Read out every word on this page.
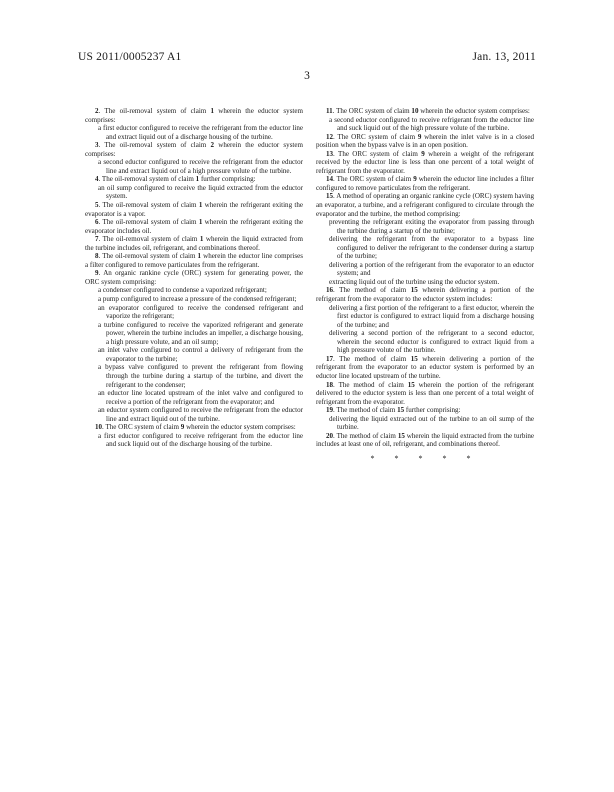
US 2011/0005237 A1	Jan. 13, 2011
3
2. The oil-removal system of claim 1 wherein the eductor system comprises:
a first eductor configured to receive the refrigerant from the eductor line and extract liquid out of a discharge housing of the turbine.
3. The oil-removal system of claim 2 wherein the eductor system comprises:
a second eductor configured to receive the refrigerant from the eductor line and extract liquid out of a high pressure volute of the turbine.
4. The oil-removal system of claim 1 further comprising:
an oil sump configured to receive the liquid extracted from the eductor system.
5. The oil-removal system of claim 1 wherein the refrigerant exiting the evaporator is a vapor.
6. The oil-removal system of claim 1 wherein the refrigerant exiting the evaporator includes oil.
7. The oil-removal system of claim 1 wherein the liquid extracted from the turbine includes oil, refrigerant, and combinations thereof.
8. The oil-removal system of claim 1 wherein the eductor line comprises a filter configured to remove particulates from the refrigerant.
9. An organic rankine cycle (ORC) system for generating power, the ORC system comprising:
a condenser configured to condense a vaporized refrigerant;
a pump configured to increase a pressure of the condensed refrigerant;
an evaporator configured to receive the condensed refrigerant and vaporize the refrigerant;
a turbine configured to receive the vaporized refrigerant and generate power, wherein the turbine includes an impeller, a discharge housing, a high pressure volute, and an oil sump;
an inlet valve configured to control a delivery of refrigerant from the evaporator to the turbine;
a bypass valve configured to prevent the refrigerant from flowing through the turbine during a startup of the turbine, and divert the refrigerant to the condenser;
an eductor line located upstream of the inlet valve and configured to receive a portion of the refrigerant from the evaporator; and
an eductor system configured to receive the refrigerant from the eductor line and extract liquid out of the turbine.
10. The ORC system of claim 9 wherein the eductor system comprises:
a first eductor configured to receive refrigerant from the eductor line and suck liquid out of the discharge housing of the turbine.
11. The ORC system of claim 10 wherein the eductor system comprises:
a second eductor configured to receive refrigerant from the eductor line and suck liquid out of the high pressure volute of the turbine.
12. The ORC system of claim 9 wherein the inlet valve is in a closed position when the bypass valve is in an open position.
13. The ORC system of claim 9 wherein a weight of the refrigerant received by the eductor line is less than one percent of a total weight of refrigerant from the evaporator.
14. The ORC system of claim 9 wherein the eductor line includes a filter configured to remove particulates from the refrigerant.
15. A method of operating an organic rankine cycle (ORC) system having an evaporator, a turbine, and a refrigerant configured to circulate through the evaporator and the turbine, the method comprising:
preventing the refrigerant exiting the evaporator from passing through the turbine during a startup of the turbine;
delivering the refrigerant from the evaporator to a bypass line configured to deliver the refrigerant to the condenser during a startup of the turbine;
delivering a portion of the refrigerant from the evaporator to an eductor system; and
extracting liquid out of the turbine using the eductor system.
16. The method of claim 15 wherein delivering a portion of the refrigerant from the evaporator to the eductor system includes:
delivering a first portion of the refrigerant to a first eductor, wherein the first eductor is configured to extract liquid from a discharge housing of the turbine; and
delivering a second portion of the refrigerant to a second eductor, wherein the second eductor is configured to extract liquid from a high pressure volute of the turbine.
17. The method of claim 15 wherein delivering a portion of the refrigerant from the evaporator to an eductor system is performed by an eductor line located upstream of the turbine.
18. The method of claim 15 wherein the portion of the refrigerant delivered to the eductor system is less than one percent of a total weight of refrigerant from the evaporator.
19. The method of claim 15 further comprising:
delivering the liquid extracted out of the turbine to an oil sump of the turbine.
20. The method of claim 15 wherein the liquid extracted from the turbine includes at least one of oil, refrigerant, and combinations thereof.
* * * * *
